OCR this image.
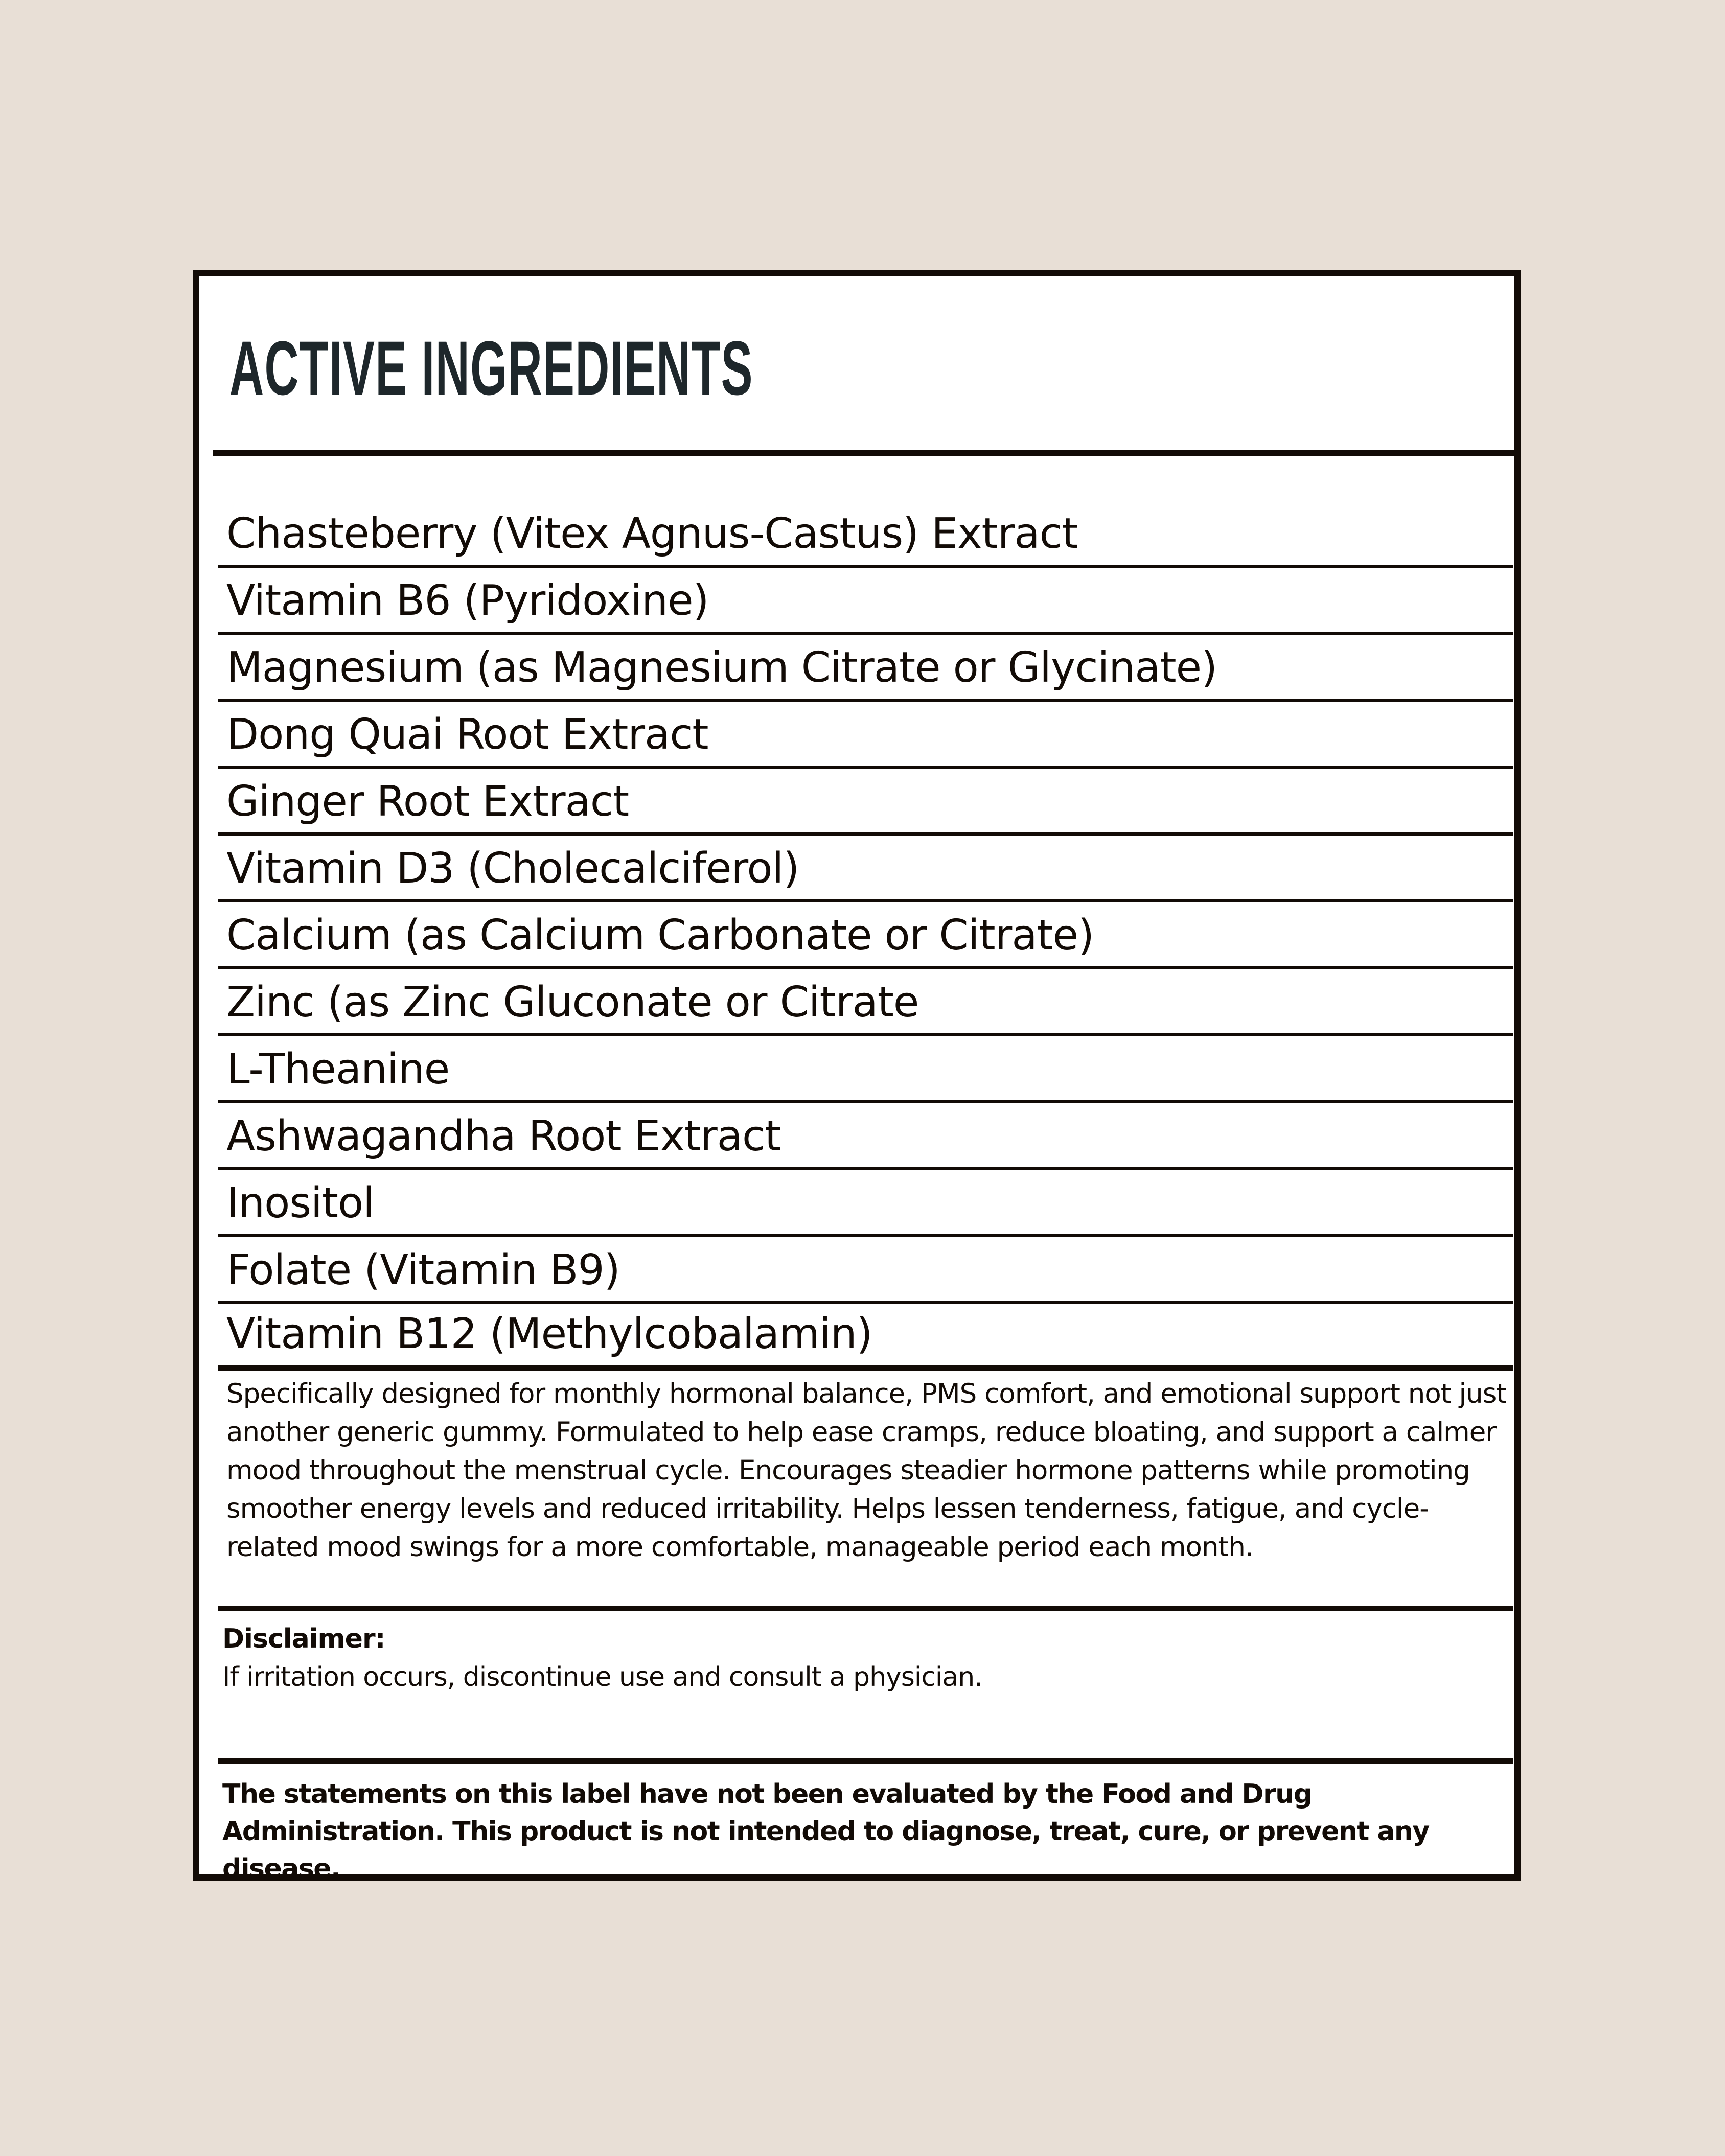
ACTIVE INGREDIENTS
Chasteberry (Vitex Agnus-Castus) Extract
Vitamin B6 (Pyridoxine)
Magnesium (as Magnesium Citrate or Glycinate)
Dong Quai Root Extract
Ginger Root Extract
Vitamin D3 (Cholecalciferol)
Calcium (as Calcium Carbonate or Citrate)
Zinc (as Zinc Gluconate or Citrate
L-Theanine
Ashwagandha Root Extract
Inositol
Folate (Vitamin B9)
Vitamin B12 (Methylcobalamin)

Specifically designed for monthly hormonal balance, PMS comfort, and emotional support not just another generic gummy. Formulated to help ease cramps, reduce bloating, and support a calmer mood throughout the menstrual cycle. Encourages steadier hormone patterns while promoting smoother energy levels and reduced irritability. Helps lessen tenderness, fatigue, and cycle-related mood swings for a more comfortable, manageable period each month.

Disclaimer:

If irritation occurs, discontinue use and consult a physician.

The statements on this label have not been evaluated by the Food and Drug Administration. This product is not intended to diagnose, treat, cure, or prevent any disease.
